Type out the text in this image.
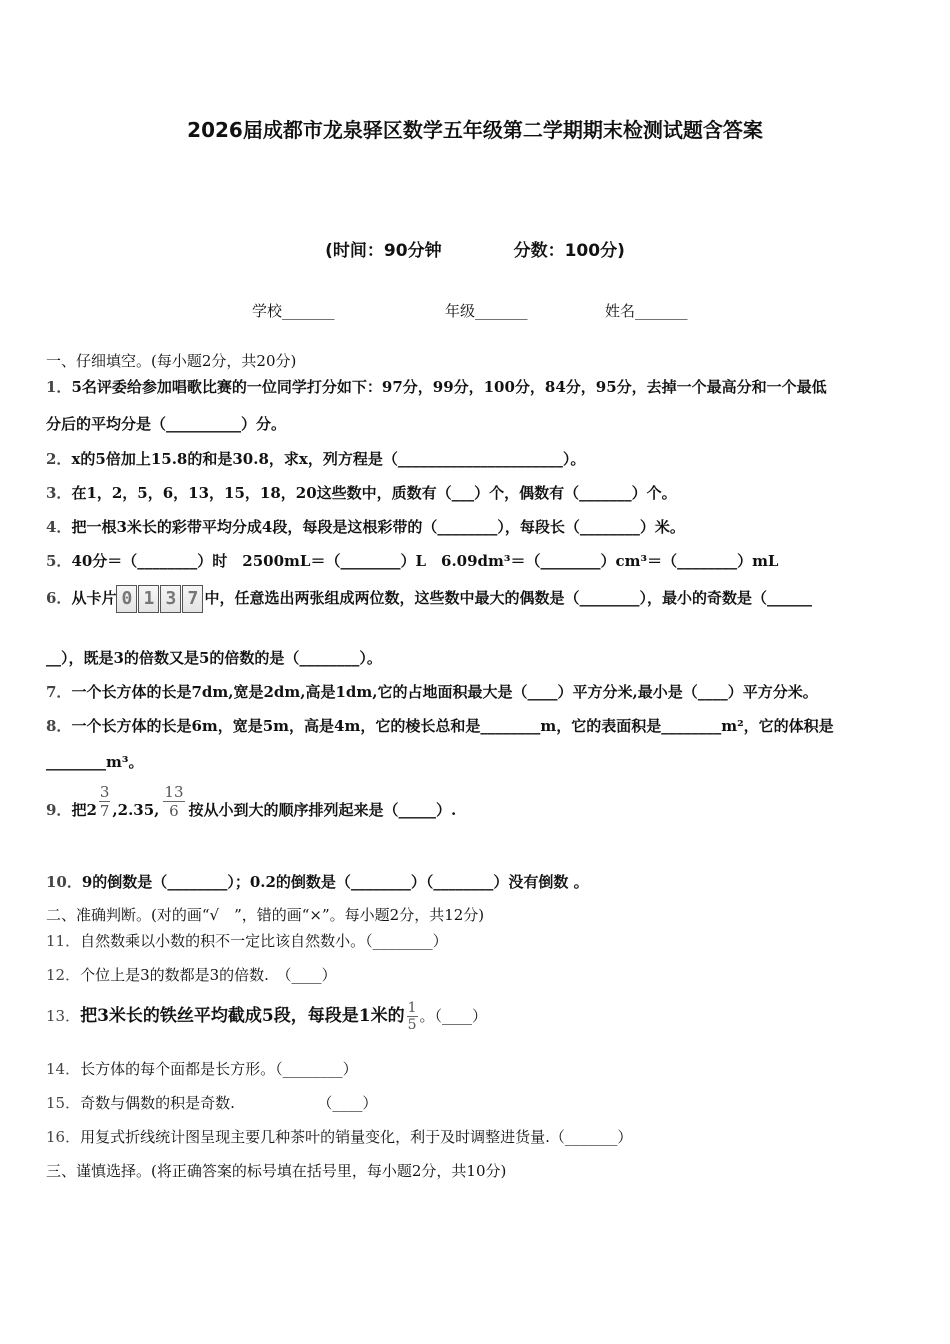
2026届成都市龙泉驿区数学五年级第二学期期末检测试题含答案
(时间：90分钟	分数：100分)
学校_______	年级_______	姓名_______
一、仔细填空。(每小题2分，共20分)
1．5名评委给参加唱歌比赛的一位同学打分如下：97分，99分，100分，84分，95分，去掉一个最高分和一个最低
分后的平均分是（__________）分。
2．x的5倍加上15.8的和是30.8，求x，列方程是（______________________）。
3．在1，2，5，6，13，15，18，20这些数中，质数有（___）个，偶数有（_______）个。
4．把一根3米长的彩带平均分成4段，每段是这根彩带的（________），每段长（________）米。
5．40分＝（________）时　2500mL＝（________）L　6.09dm³＝（________）cm³＝（________）mL
6．从卡片 0 1 3 7 中，任意选出两张组成两位数，这些数中最大的偶数是（________），最小的奇数是（______
__），既是3的倍数又是5的倍数的是（________）。
7．一个长方体的长是7dm,宽是2dm,高是1dm,它的占地面积最大是（____）平方分米,最小是（____）平方分米。
8．一个长方体的长是6m，宽是5m，高是4m，它的棱长总和是________m，它的表面积是________m²，它的体积是
________m³。
9．把$2 \frac{3}{7} ,2.35$, $\frac{13}{6}$ 按从小到大的顺序排列起来是（_____）.
10．9的倒数是（________）；0.2的倒数是（________）（________）没有倒数 。
二、准确判断。(对的画“√　”，错的画“×”。每小题2分，共12分)
11．自然数乘以小数的积不一定比该自然数小。（________）
12．个位上是3的数都是3的倍数.　（____）
13．把3米长的铁丝平均截成5段，每段是1米的 $\frac{1}{5}$ 。（____）
14．长方体的每个面都是长方形。（________）
15．奇数与偶数的积是奇数.　　　　　　（____）
16．用复式折线统计图呈现主要几种茶叶的销量变化，利于及时调整进货量.（_______）
三、谨慎选择。(将正确答案的标号填在括号里，每小题2分，共10分)
